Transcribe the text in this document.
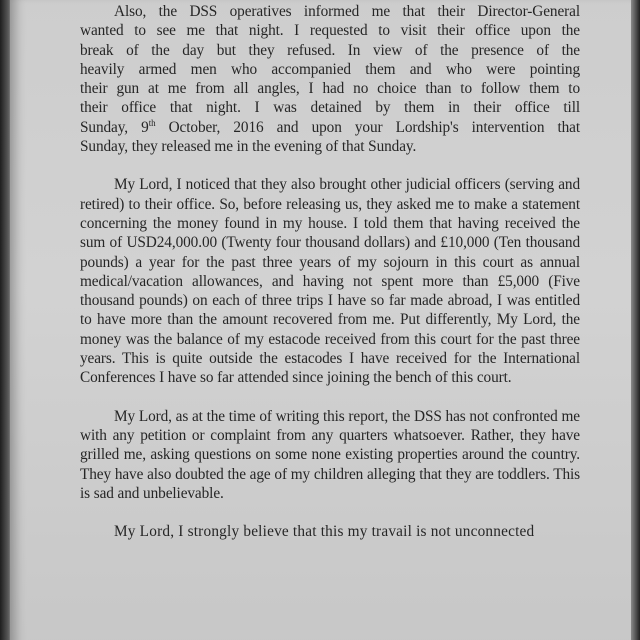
Also, the DSS operatives informed me that their Director-General
wanted to see me that night. I requested to visit their office upon the
break of the day but they refused. In view of the presence of the
heavily armed men who accompanied them and who were pointing
their gun at me from all angles, I had no choice than to follow them to
their office that night. I was detained by them in their office till
Sunday, 9th October, 2016 and upon your Lordship's intervention that
Sunday, they released me in the evening of that Sunday.
My Lord, I noticed that they also brought other judicial officers (serving and retired) to their office. So, before releasing us, they asked me to make a statement concerning the money found in my house. I told them that having received the sum of USD24,000.00 (Twenty four thousand dollars) and £10,000 (Ten thousand pounds) a year for the past three years of my sojourn in this court as annual medical/vacation allowances, and having not spent more than £5,000 (Five thousand pounds) on each of three trips I have so far made abroad, I was entitled to have more than the amount recovered from me. Put differently, My Lord, the money was the balance of my estacode received from this court for the past three years. This is quite outside the estacodes I have received for the International Conferences I have so far attended since joining the bench of this court.
My Lord, as at the time of writing this report, the DSS has not confronted me with any petition or complaint from any quarters whatsoever. Rather, they have grilled me, asking questions on some none existing properties around the country. They have also doubted the age of my children alleging that they are toddlers. This is sad and unbelievable.
My Lord, I strongly believe that this my travail is not unconnected
